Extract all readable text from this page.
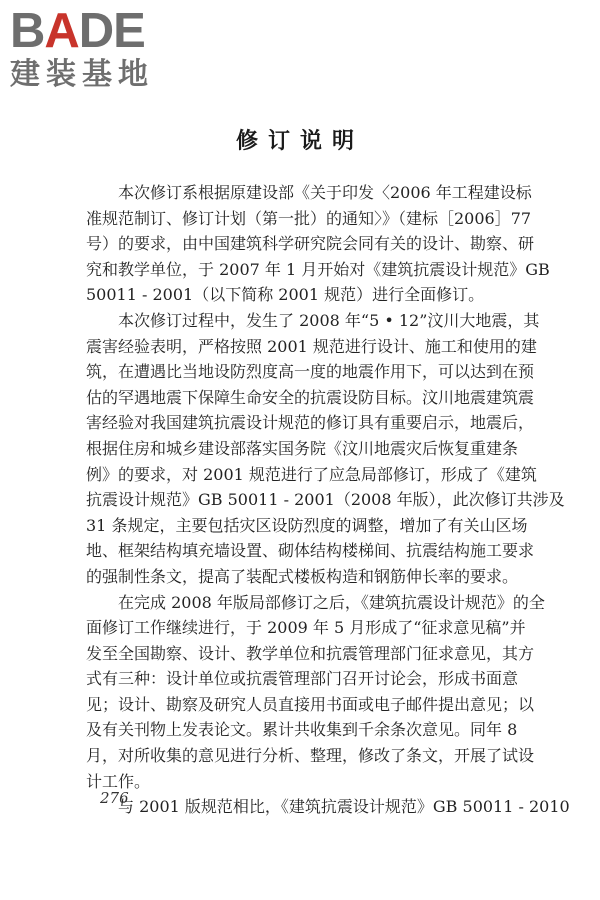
BADE
建装基地
修订说明
本次修订系根据原建设部《关于印发〈2006 年工程建设标
准规范制订、修订计划（第一批）的通知〉》（建标［2006］77
号）的要求，由中国建筑科学研究院会同有关的设计、勘察、研
究和教学单位，于 2007 年 1 月开始对《建筑抗震设计规范》GB
50011 - 2001（以下简称 2001 规范）进行全面修订。
本次修订过程中，发生了 2008 年“5 • 12”汶川大地震，其
震害经验表明，严格按照 2001 规范进行设计、施工和使用的建
筑，在遭遇比当地设防烈度高一度的地震作用下，可以达到在预
估的罕遇地震下保障生命安全的抗震设防目标。汶川地震建筑震
害经验对我国建筑抗震设计规范的修订具有重要启示，地震后，
根据住房和城乡建设部落实国务院《汶川地震灾后恢复重建条
例》的要求，对 2001 规范进行了应急局部修订，形成了《建筑
抗震设计规范》GB 50011 - 2001（2008 年版），此次修订共涉及
31 条规定，主要包括灾区设防烈度的调整，增加了有关山区场
地、框架结构填充墙设置、砌体结构楼梯间、抗震结构施工要求
的强制性条文，提高了装配式楼板构造和钢筋伸长率的要求。
在完成 2008 年版局部修订之后，《建筑抗震设计规范》的全
面修订工作继续进行，于 2009 年 5 月形成了“征求意见稿”并
发至全国勘察、设计、教学单位和抗震管理部门征求意见，其方
式有三种：设计单位或抗震管理部门召开讨论会，形成书面意
见；设计、勘察及研究人员直接用书面或电子邮件提出意见；以
及有关刊物上发表论文。累计共收集到千余条次意见。同年 8
月，对所收集的意见进行分析、整理，修改了条文，开展了试设
计工作。
与 2001 版规范相比，《建筑抗震设计规范》GB 50011 - 2010
276
